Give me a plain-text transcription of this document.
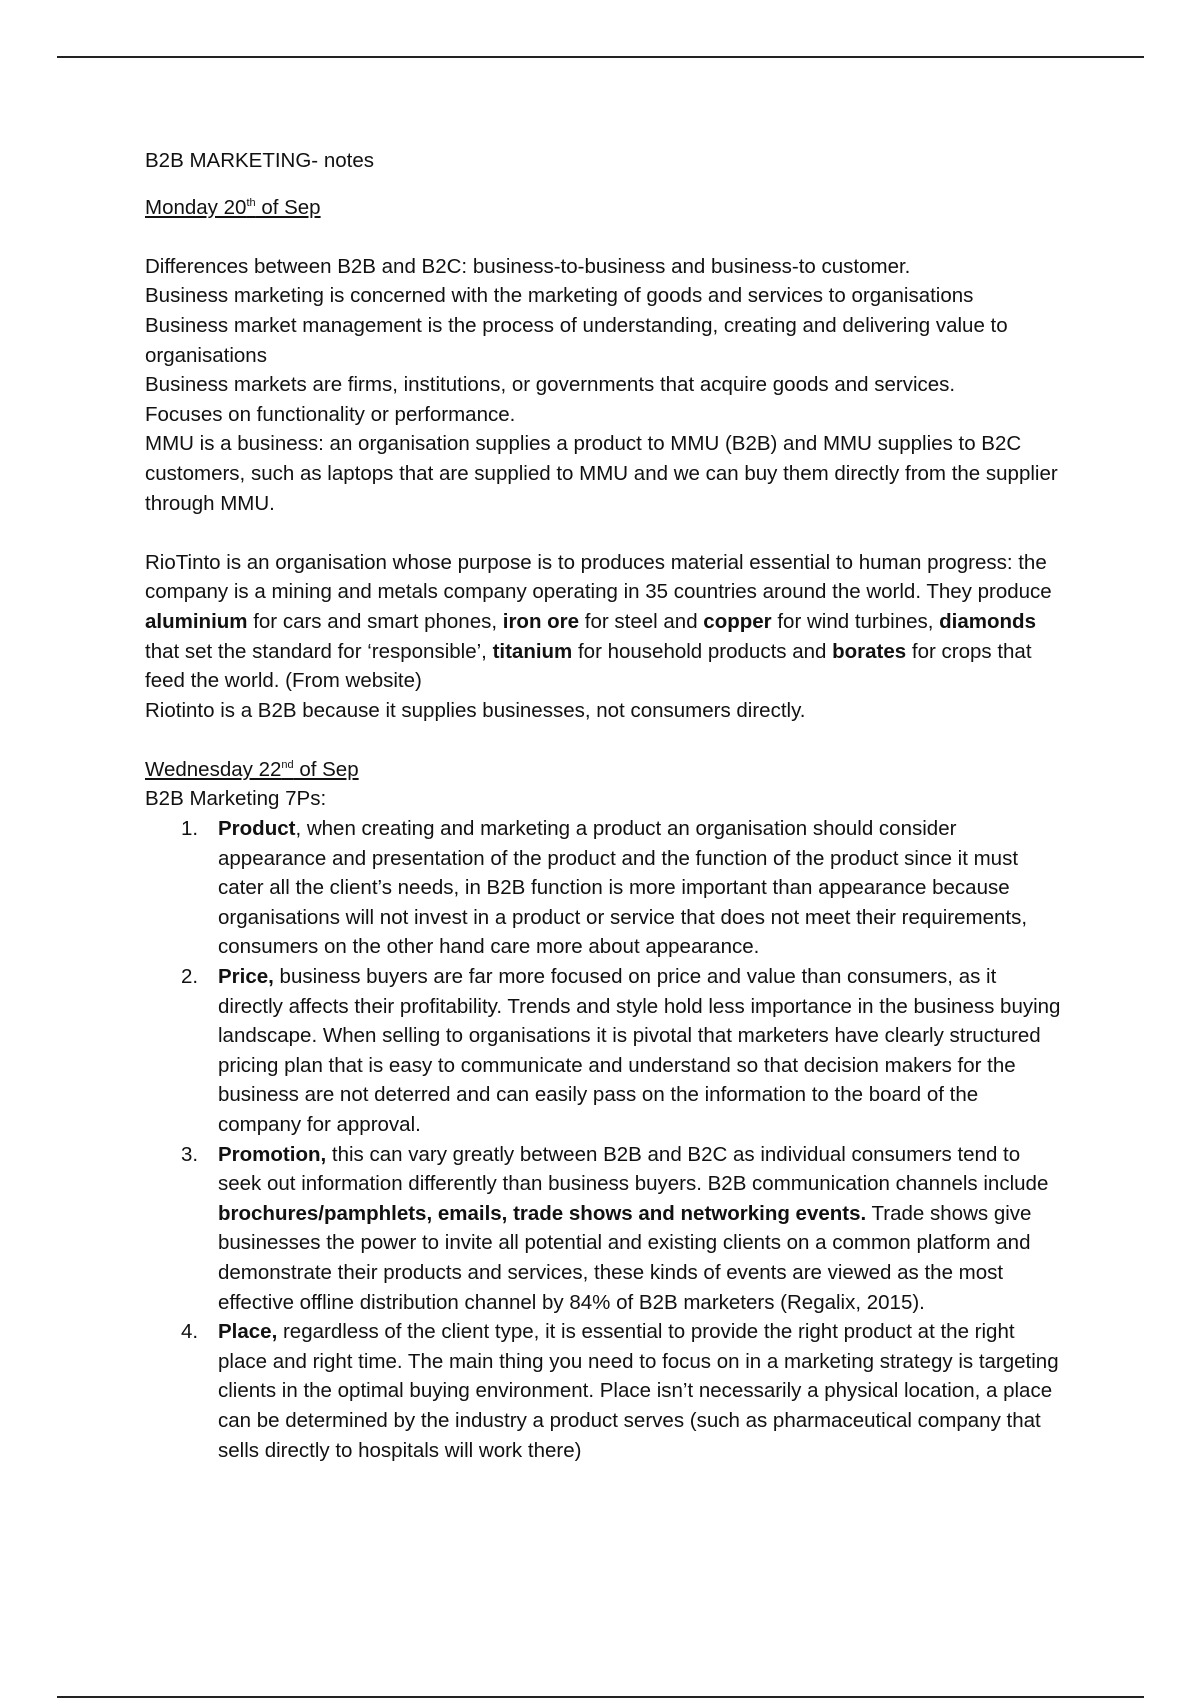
B2B MARKETING- notes

Monday 20th of Sep

Differences between B2B and B2C: business-to-business and business-to customer.

Business marketing is concerned with the marketing of goods and services to organisations

Business market management is the process of understanding, creating and delivering value to organisations

Business markets are firms, institutions, or governments that acquire goods and services.

Focuses on functionality or performance.

MMU is a business: an organisation supplies a product to MMU (B2B) and MMU supplies to B2C customers, such as laptops that are supplied to MMU and we can buy them directly from the supplier through MMU.

RioTinto is an organisation whose purpose is to produces material essential to human progress: the company is a mining and metals company operating in 35 countries around the world. They produce aluminium for cars and smart phones, iron ore for steel and copper for wind turbines, diamonds that set the standard for ‘responsible’, titanium for household products and borates for crops that feed the world. (From website)

Riotinto is a B2B because it supplies businesses, not consumers directly.

Wednesday 22nd of Sep

B2B Marketing 7Ps:

1. Product, when creating and marketing a product an organisation should consider appearance and presentation of the product and the function of the product since it must cater all the client’s needs, in B2B function is more important than appearance because organisations will not invest in a product or service that does not meet their requirements, consumers on the other hand care more about appearance.
2. Price, business buyers are far more focused on price and value than consumers, as it directly affects their profitability. Trends and style hold less importance in the business buying landscape. When selling to organisations it is pivotal that marketers have clearly structured pricing plan that is easy to communicate and understand so that decision makers for the business are not deterred and can easily pass on the information to the board of the company for approval.
3. Promotion, this can vary greatly between B2B and B2C as individual consumers tend to seek out information differently than business buyers. B2B communication channels include brochures/pamphlets, emails, trade shows and networking events. Trade shows give businesses the power to invite all potential and existing clients on a common platform and demonstrate their products and services, these kinds of events are viewed as the most effective offline distribution channel by 84% of B2B marketers (Regalix, 2015).
4. Place, regardless of the client type, it is essential to provide the right product at the right place and right time. The main thing you need to focus on in a marketing strategy is targeting clients in the optimal buying environment. Place isn’t necessarily a physical location, a place can be determined by the industry a product serves (such as pharmaceutical company that sells directly to hospitals will work there)
